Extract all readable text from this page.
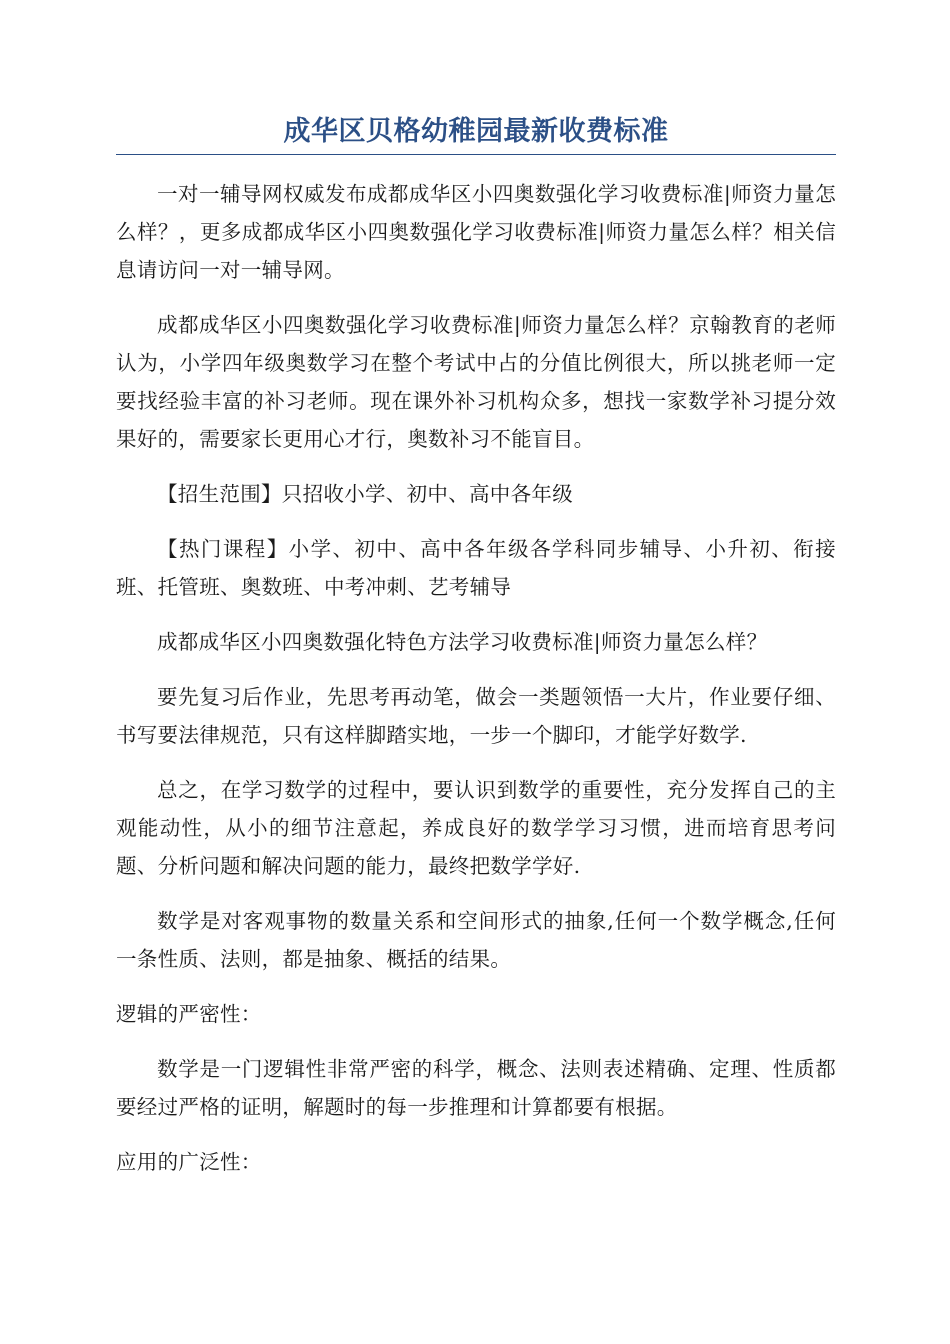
成华区贝格幼稚园最新收费标准

一对一辅导网权威发布成都成华区小四奥数强化学习收费标准|师资力量怎么样？，更多成都成华区小四奥数强化学习收费标准|师资力量怎么样？相关信息请访问一对一辅导网。

成都成华区小四奥数强化学习收费标准|师资力量怎么样？京翰教育的老师认为，小学四年级奥数学习在整个考试中占的分值比例很大，所以挑老师一定要找经验丰富的补习老师。现在课外补习机构众多，想找一家数学补习提分效果好的，需要家长更用心才行，奥数补习不能盲目。

【招生范围】只招收小学、初中、高中各年级

【热门课程】小学、初中、高中各年级各学科同步辅导、小升初、衔接班、托管班、奥数班、中考冲刺、艺考辅导

成都成华区小四奥数强化特色方法学习收费标准|师资力量怎么样？

要先复习后作业，先思考再动笔，做会一类题领悟一大片，作业要仔细、书写要法律规范，只有这样脚踏实地，一步一个脚印，才能学好数学.

总之，在学习数学的过程中，要认识到数学的重要性，充分发挥自己的主观能动性，从小的细节注意起，养成良好的数学学习习惯，进而培育思考问题、分析问题和解决问题的能力，最终把数学学好.

数学是对客观事物的数量关系和空间形式的抽象,任何一个数学概念,任何一条性质、法则，都是抽象、概括的结果。

逻辑的严密性：

数学是一门逻辑性非常严密的科学，概念、法则表述精确、定理、性质都要经过严格的证明，解题时的每一步推理和计算都要有根据。

应用的广泛性：
